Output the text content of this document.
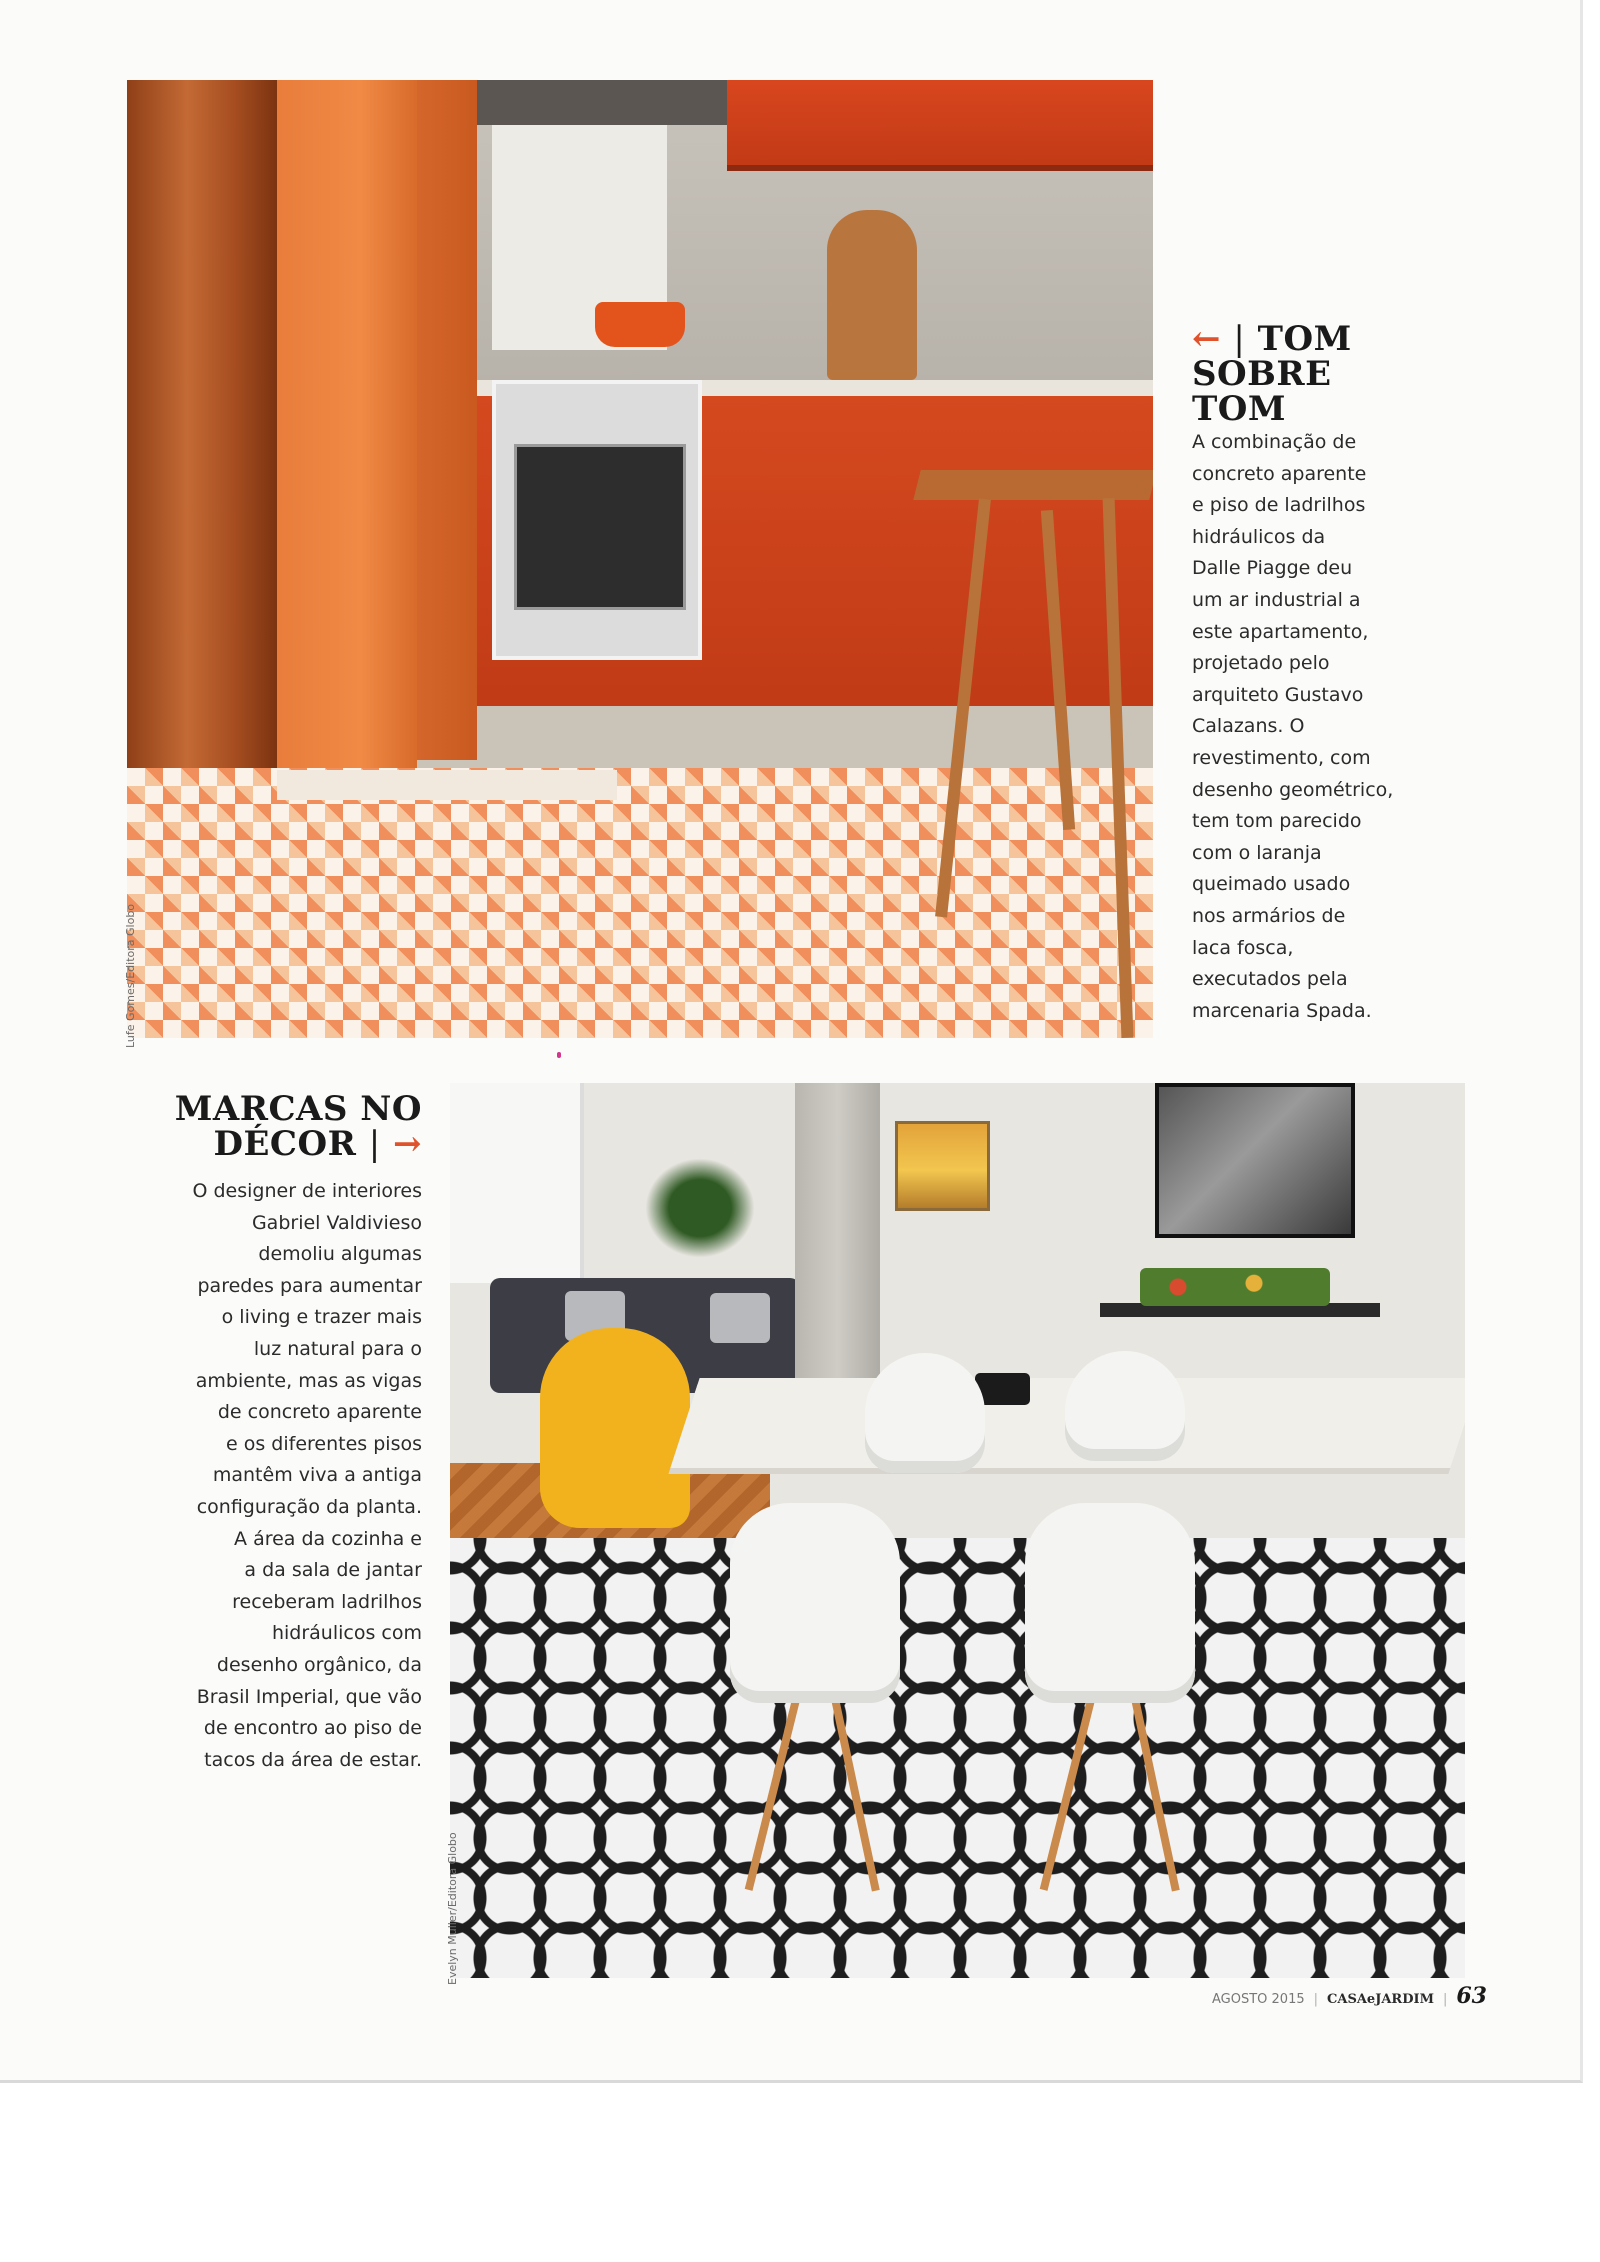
Lufe Gomes/Editora Globo
← | TOM
SOBRE
TOM
A combinação de
concreto aparente
e piso de ladrilhos
hidráulicos da
Dalle Piagge deu
um ar industrial a
este apartamento,
projetado pelo
arquiteto Gustavo
Calazans. O
revestimento, com
desenho geométrico,
tem tom parecido
com o laranja
queimado usado
nos armários de
laca fosca,
executados pela
marcenaria Spada.
MARCAS NO
DÉCOR | →
O designer de interiores
Gabriel Valdivieso
demoliu algumas
paredes para aumentar
o living e trazer mais
luz natural para o
ambiente, mas as vigas
de concreto aparente
e os diferentes pisos
mantêm viva a antiga
configuração da planta.
A área da cozinha e
a da sala de jantar
receberam ladrilhos
hidráulicos com
desenho orgânico, da
Brasil Imperial, que vão
de encontro ao piso de
tacos da área de estar.
Evelyn Muller/Editora Globo
AGOSTO 2015 | CASAeJARDIM | 63
